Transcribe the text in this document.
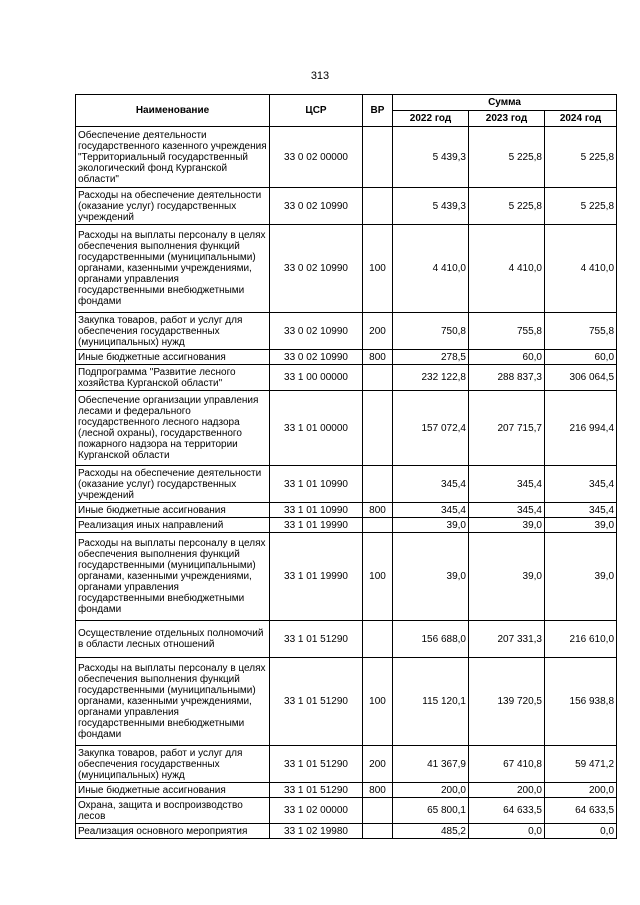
313
Наименование	ЦСР	ВР	Сумма		
			2022 год	2023 год	2024 год
Обеспечение деятельности государственного казенного учреждения "Территориальный государственный экологический фонд Курганской области"	33 0 02 00000		5 439,3	5 225,8	5 225,8
Расходы на обеспечение деятельности (оказание услуг) государственных учреждений	33 0 02 10990		5 439,3	5 225,8	5 225,8
Расходы на выплаты персоналу в целях обеспечения выполнения функций государственными (муниципальными) органами, казенными учреждениями, органами управления государственными внебюджетными фондами	33 0 02 10990	100	4 410,0	4 410,0	4 410,0
Закупка товаров, работ и услуг для обеспечения государственных (муниципальных) нужд	33 0 02 10990	200	750,8	755,8	755,8
Иные бюджетные ассигнования	33 0 02 10990	800	278,5	60,0	60,0
Подпрограмма "Развитие лесного хозяйства Курганской области"	33 1 00 00000		232 122,8	288 837,3	306 064,5
Обеспечение организации управления лесами и федерального государственного лесного надзора (лесной охраны), государственного пожарного надзора на территории Курганской области	33 1 01 00000		157 072,4	207 715,7	216 994,4
Расходы на обеспечение деятельности (оказание услуг) государственных учреждений	33 1 01 10990		345,4	345,4	345,4
Иные бюджетные ассигнования	33 1 01 10990	800	345,4	345,4	345,4
Реализация иных направлений	33 1 01 19990		39,0	39,0	39,0
Расходы на выплаты персоналу в целях обеспечения выполнения функций государственными (муниципальными) органами, казенными учреждениями, органами управления государственными внебюджетными фондами	33 1 01 19990	100	39,0	39,0	39,0
Осуществление отдельных полномочий в области лесных отношений	33 1 01 51290		156 688,0	207 331,3	216 610,0
Расходы на выплаты персоналу в целях обеспечения выполнения функций государственными (муниципальными) органами, казенными учреждениями, органами управления государственными внебюджетными фондами	33 1 01 51290	100	115 120,1	139 720,5	156 938,8
Закупка товаров, работ и услуг для обеспечения государственных (муниципальных) нужд	33 1 01 51290	200	41 367,9	67 410,8	59 471,2
Иные бюджетные ассигнования	33 1 01 51290	800	200,0	200,0	200,0
Охрана, защита и воспроизводство лесов	33 1 02 00000		65 800,1	64 633,5	64 633,5
Реализация основного мероприятия	33 1 02 19980		485,2	0,0	0,0
